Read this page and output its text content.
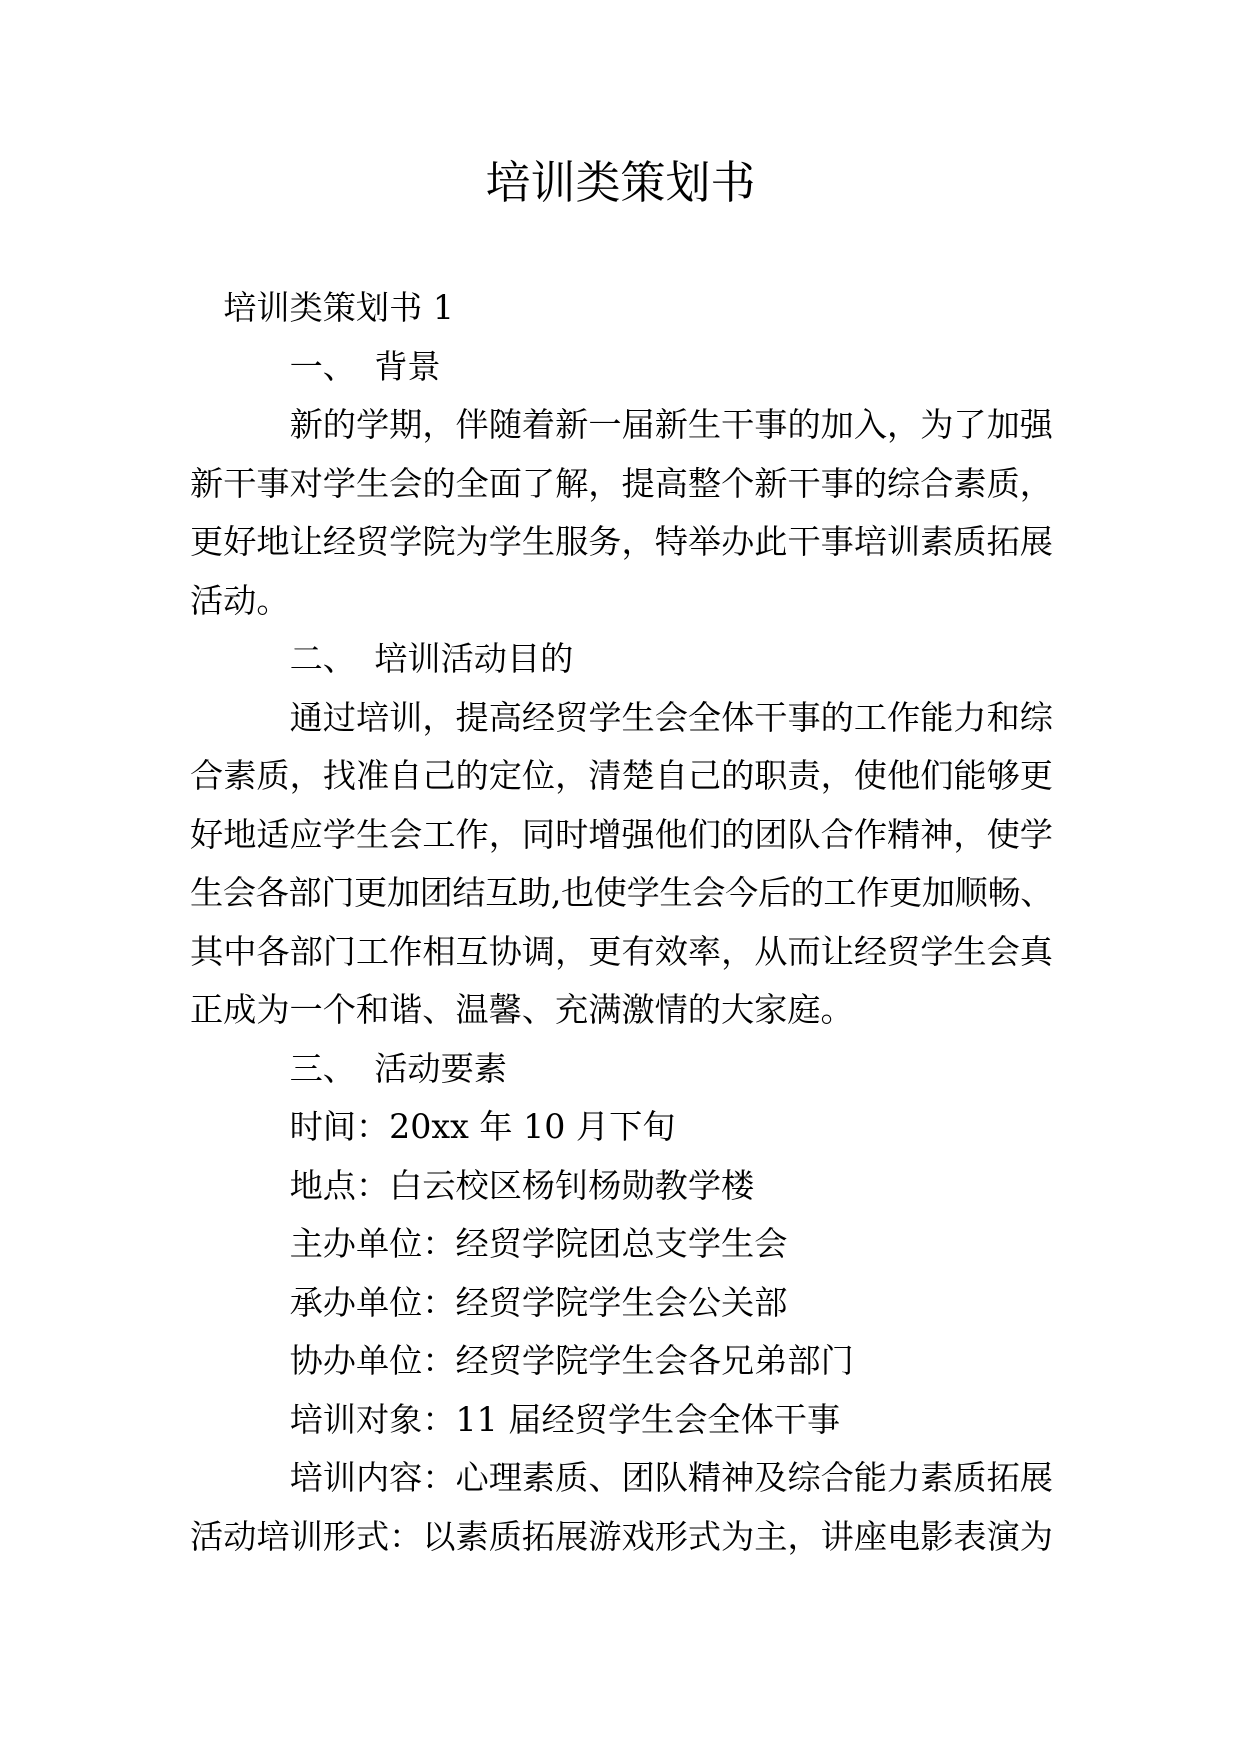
培训类策划书
培训类策划书 1
一、 背景
新的学期，伴随着新一届新生干事的加入，为了加强
新干事对学生会的全面了解，提高整个新干事的综合素质，
更好地让经贸学院为学生服务，特举办此干事培训素质拓展
活动。
二、 培训活动目的
通过培训，提高经贸学生会全体干事的工作能力和综
合素质，找准自己的定位，清楚自己的职责，使他们能够更
好地适应学生会工作，同时增强他们的团队合作精神，使学
生会各部门更加团结互助,也使学生会今后的工作更加顺畅、
其中各部门工作相互协调，更有效率，从而让经贸学生会真
正成为一个和谐、温馨、充满激情的大家庭。
三、 活动要素
时间：20xx 年 10 月下旬
地点：白云校区杨钊杨勋教学楼
主办单位：经贸学院团总支学生会
承办单位：经贸学院学生会公关部
协办单位：经贸学院学生会各兄弟部门
培训对象：11 届经贸学生会全体干事
培训内容：心理素质、团队精神及综合能力素质拓展
活动培训形式：以素质拓展游戏形式为主，讲座电影表演为
